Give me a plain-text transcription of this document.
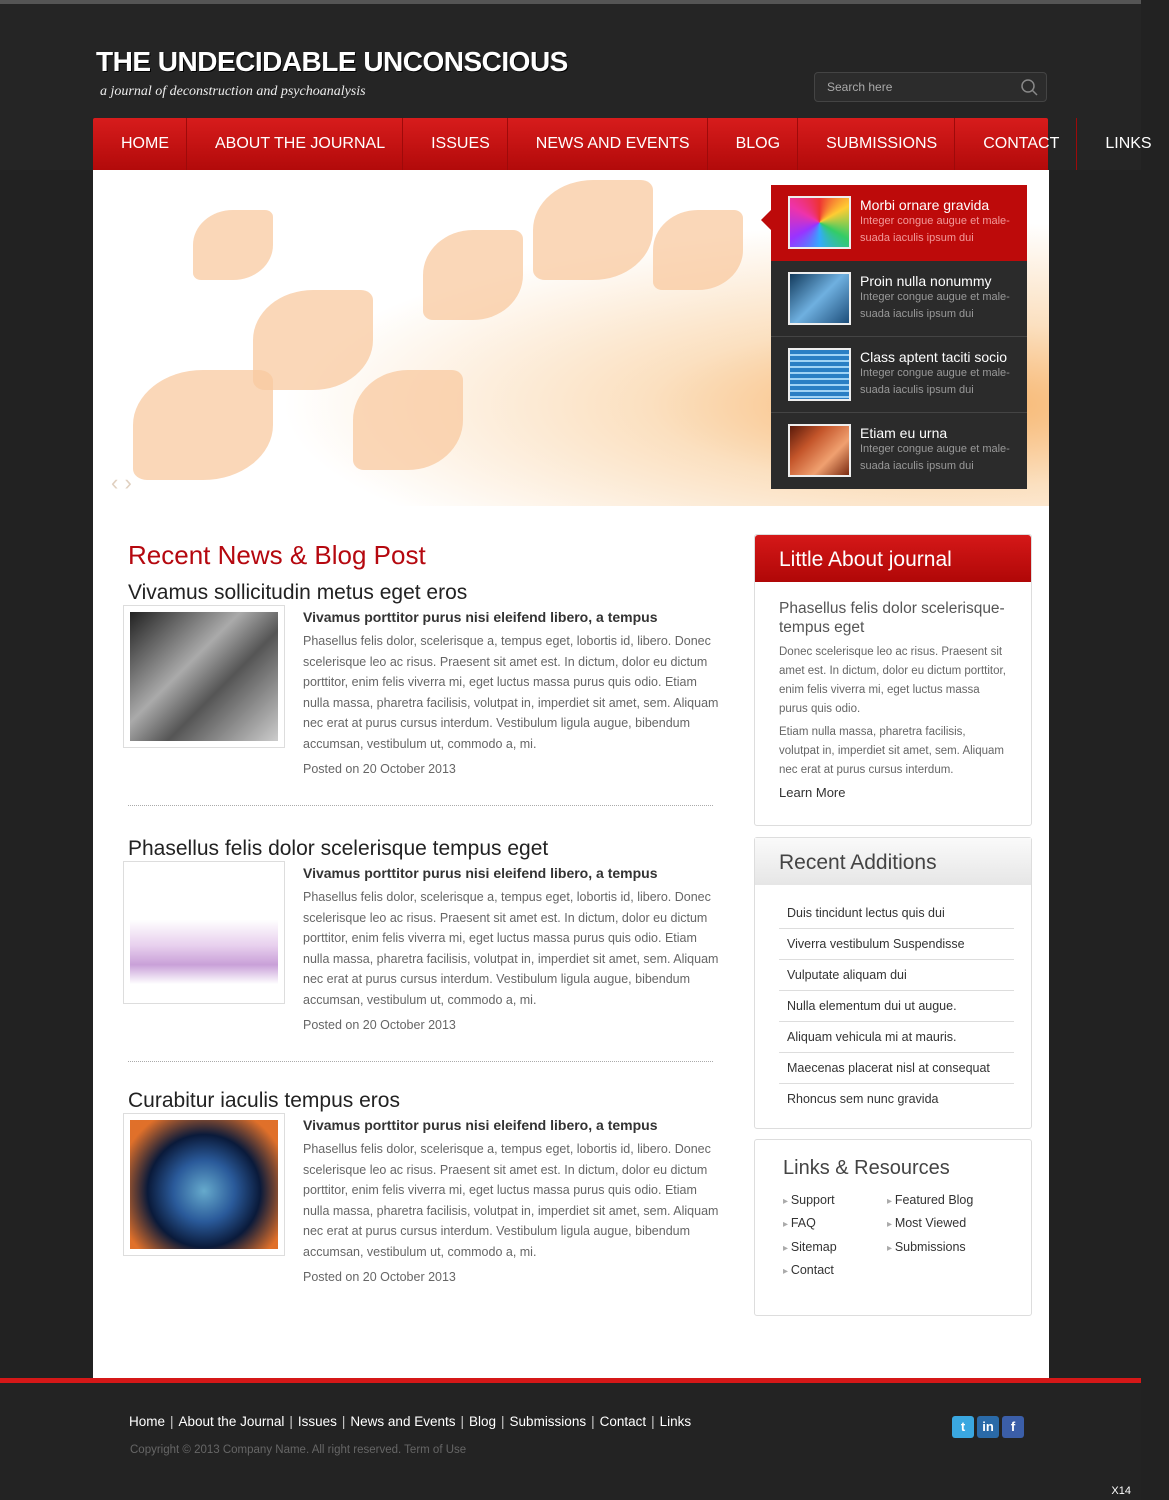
THE UNDECIDABLE UNCONSCIOUS
a journal of deconstruction and psychoanalysis
Search here
HOME	ABOUT THE JOURNAL	ISSUES	NEWS AND EVENTS	BLOG	SUBMISSIONS	CONTACT	LINKS
‹ ›
Morbi ornare gravida

Integer congue augue et male-suada iaculis ipsum dui

Proin nulla nonummy

Integer congue augue et male-suada iaculis ipsum dui

Class aptent taciti socio

Integer congue augue et male-suada iaculis ipsum dui

Etiam eu urna

Integer congue augue et male-suada iaculis ipsum dui

Recent News & Blog Post
Vivamus sollicitudin metus eget eros
Vivamus porttitor purus nisi eleifend libero, a tempus

Phasellus felis dolor, scelerisque a, tempus eget, lobortis id, libero. Donec scelerisque leo ac risus. Praesent sit amet est. In dictum, dolor eu dictum porttitor, enim felis viverra mi, eget luctus massa purus quis odio. Etiam nulla massa, pharetra facilisis, volutpat in, imperdiet sit amet, sem. Aliquam nec erat at purus cursus interdum. Vestibulum ligula augue, bibendum accumsan, vestibulum ut, commodo a, mi.

Posted on 20 October 2013
Phasellus felis dolor scelerisque tempus eget
Vivamus porttitor purus nisi eleifend libero, a tempus

Phasellus felis dolor, scelerisque a, tempus eget, lobortis id, libero. Donec scelerisque leo ac risus. Praesent sit amet est. In dictum, dolor eu dictum porttitor, enim felis viverra mi, eget luctus massa purus quis odio. Etiam nulla massa, pharetra facilisis, volutpat in, imperdiet sit amet, sem. Aliquam nec erat at purus cursus interdum. Vestibulum ligula augue, bibendum accumsan, vestibulum ut, commodo a, mi.

Posted on 20 October 2013
Curabitur iaculis tempus eros
Vivamus porttitor purus nisi eleifend libero, a tempus

Phasellus felis dolor, scelerisque a, tempus eget, lobortis id, libero. Donec scelerisque leo ac risus. Praesent sit amet est. In dictum, dolor eu dictum porttitor, enim felis viverra mi, eget luctus massa purus quis odio. Etiam nulla massa, pharetra facilisis, volutpat in, imperdiet sit amet, sem. Aliquam nec erat at purus cursus interdum. Vestibulum ligula augue, bibendum accumsan, vestibulum ut, commodo a, mi.

Posted on 20 October 2013
Little About journal
Phasellus felis dolor scelerisque-tempus eget

Donec scelerisque leo ac risus. Praesent sit amet est. In dictum, dolor eu dictum porttitor, enim felis viverra mi, eget luctus massa purus quis odio.

Etiam nulla massa, pharetra facilisis, volutpat in, imperdiet sit amet, sem. Aliquam nec erat at purus cursus interdum.

Learn More
Recent Additions
Duis tincidunt lectus quis dui
Viverra vestibulum Suspendisse
Vulputate aliquam dui
Nulla elementum dui ut augue.
Aliquam vehicula mi at mauris.
Maecenas placerat nisl at consequat
Rhoncus sem nunc gravida
Links & Resources
▸ Support
▸ FAQ
▸ Sitemap
▸ Contact
▸ Featured Blog
▸ Most Viewed
▸ Submissions
Home | About the Journal | Issues | News and Events | Blog | Submissions | Contact | Links
Copyright © 2013 Company Name. All right reserved. Term of Use
t	in	f
X14
